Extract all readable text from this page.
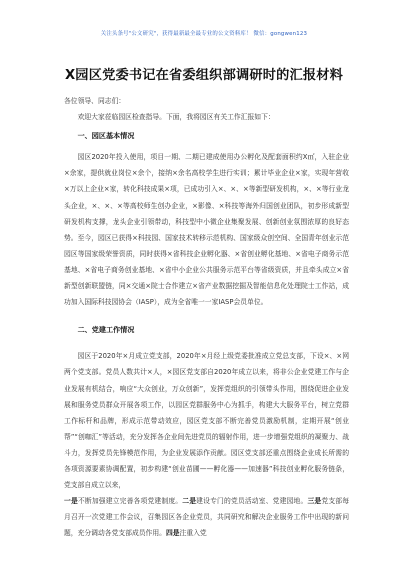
关注头条号"公文研究"，获得最新最全最专业的公文资料库！ 微信：gongwen123
X园区党委书记在省委组织部调研时的汇报材料

各位领导、同志们：

欢迎大家莅临园区检查指导。下面，我将园区有关工作汇报如下：

一、园区基本情况

园区2020年投入使用，项目一期、二期已建成使用办公孵化及配套面积约X㎡，入驻企业×余家，提供就业岗位×余个，接纳×余名高校学生进行实训；累计毕业企业×家，实现年营收×万以上企业×家，转化科技成果×项，已成功引入×、×、×等新型研发机构，×、×等行业龙头企业，×、×、×等高校师生创办企业，×影像、×科技等海外归国创业团队，初步形成新型研发机构支撑，龙头企业引领带动，科技型中小微企业集聚发展、创新创业氛围浓厚的良好态势。至今，园区已获得×科技园、国家技术转移示范机构、国家级众创空间、全国青年创业示范园区等国家级荣誉资质，同时获得×省科技企业孵化器、×省创业孵化基地、×省电子商务示范基地、×省电子商务创业基地、×省中小企业公共服务示范平台等省级资质，并且牵头成立×省新型创新联盟链，同×交通×院士合作建立×省产业数据挖掘及智能信息化处理院士工作站，成功加入国际科技园协会（IASP），成为全省唯一一家IASP会员单位。

二、党建工作情况

园区于2020年×月成立党支部，2020年×月经上级党委批准成立党总支部，下设×、×网两个党支部。党员人数共计×人，×园区党支部自2020年成立以来，将非公企业党建工作与企业发展有机结合，响应“大众创业，万众创新”，发挥党组织的引领带头作用，围绕促进企业发展和服务党员群众开展各项工作，以园区党群服务中心为抓手，构建大大服务平台，树立党群工作标杆和品牌，形成示范带动效应，园区党支部不断完善党员激励机制，定期开展“创业帮”“创咖汇”等活动，充分发挥各企业间先进党员的辐射作用，进一步增强党组织的凝聚力、战斗力，发挥党员先锋模范作用，为企业发展添作贡献。园区党支部还重点围绕企业成长所需的各项资源要素协调配置，初步构建“创业苗圃——孵化器——加速器”科技创业孵化服务链条，党支部自成立以来，

一是不断加强建立完善各项党建制度。二是建设专门的党员活动室、党建园地。三是党支部每月召开一次党建工作会议，召集园区各企业党员，共同研究和解决企业服务工作中出现的新问题，充分调动各党支部成员作用。四是注重入党
